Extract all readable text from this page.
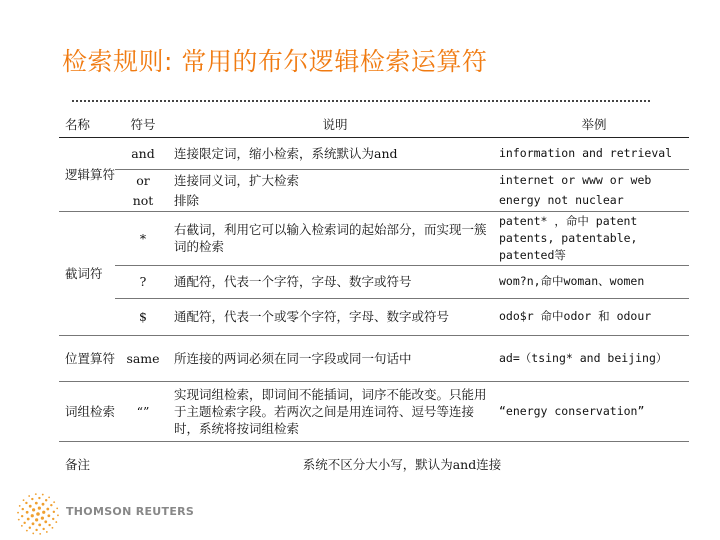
检索规则: 常用的布尔逻辑检索运算符
名称	符号	说明	举例
逻辑算符	and	连接限定词，缩小检索，系统默认为and	information and retrieval
	or	连接同义词，扩大检索	internet or www or web
	not	排除	energy not nuclear
截词符	*	右截词，利用它可以输入检索词的起始部分，而实现一簇词的检索	patent* ，命中 patent patents, patentable, patented等
	?	通配符，代表一个字符，字母、数字或符号	wom?n,命中woman、women
	$	通配符，代表一个或零个字符，字母、数字或符号	odo$r 命中odor 和 odour
位置算符	same	所连接的两词必须在同一字段或同一句话中	ad=（tsing* and beijing）
词组检索	“”	实现词组检索，即词间不能插词，词序不能改变。只能用于主题检索字段。若两次之间是用连词符、逗号等连接时，系统将按词组检索	“energy conservation”
备注	系统不区分大小写，默认为and连接		
THOMSON REUTERS
